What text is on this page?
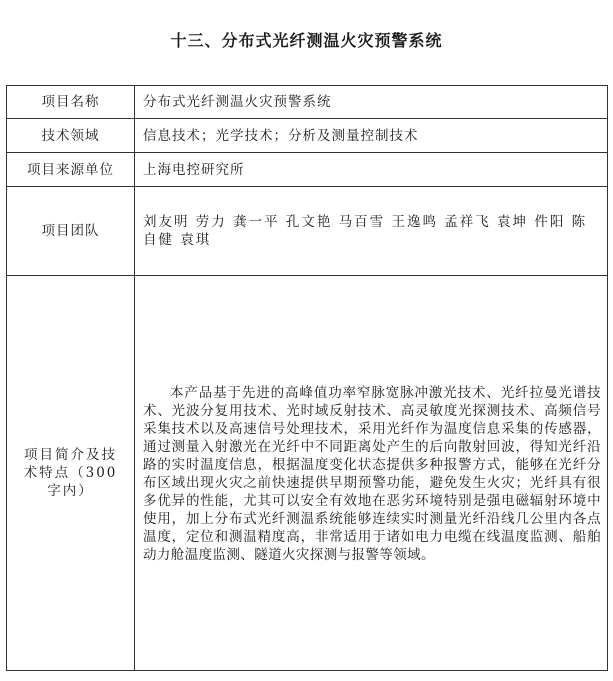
十三、分布式光纤测温火灾预警系统
项目名称	分布式光纤测温火灾预警系统
技术领域	信息技术；光学技术；分析及测量控制技术
项目来源单位	上海电控研究所
项目团队	刘友明 劳力 龚一平 孔文艳 马百雪 王逸鸣 孟祥飞 袁坤 件阳 陈自健 袁琪
项目简介及技术特点（300字内）	本产品基于先进的高峰值功率窄脉宽脉冲激光技术、光纤拉曼光谱技术、光波分复用技术、光时域反射技术、高灵敏度光探测技术、高频信号采集技术以及高速信号处理技术，采用光纤作为温度信息采集的传感器，通过测量入射激光在光纤中不同距离处产生的后向散射回波，得知光纤沿路的实时温度信息，根据温度变化状态提供多种报警方式，能够在光纤分布区域出现火灾之前快速提供早期预警功能，避免发生火灾；光纤具有很多优异的性能，尤其可以安全有效地在恶劣环境特别是强电磁辐射环境中使用，加上分布式光纤测温系统能够连续实时测量光纤沿线几公里内各点温度，定位和测温精度高，非常适用于诸如电力电缆在线温度监测、船舶动力舱温度监测、隧道火灾探测与报警等领域。
